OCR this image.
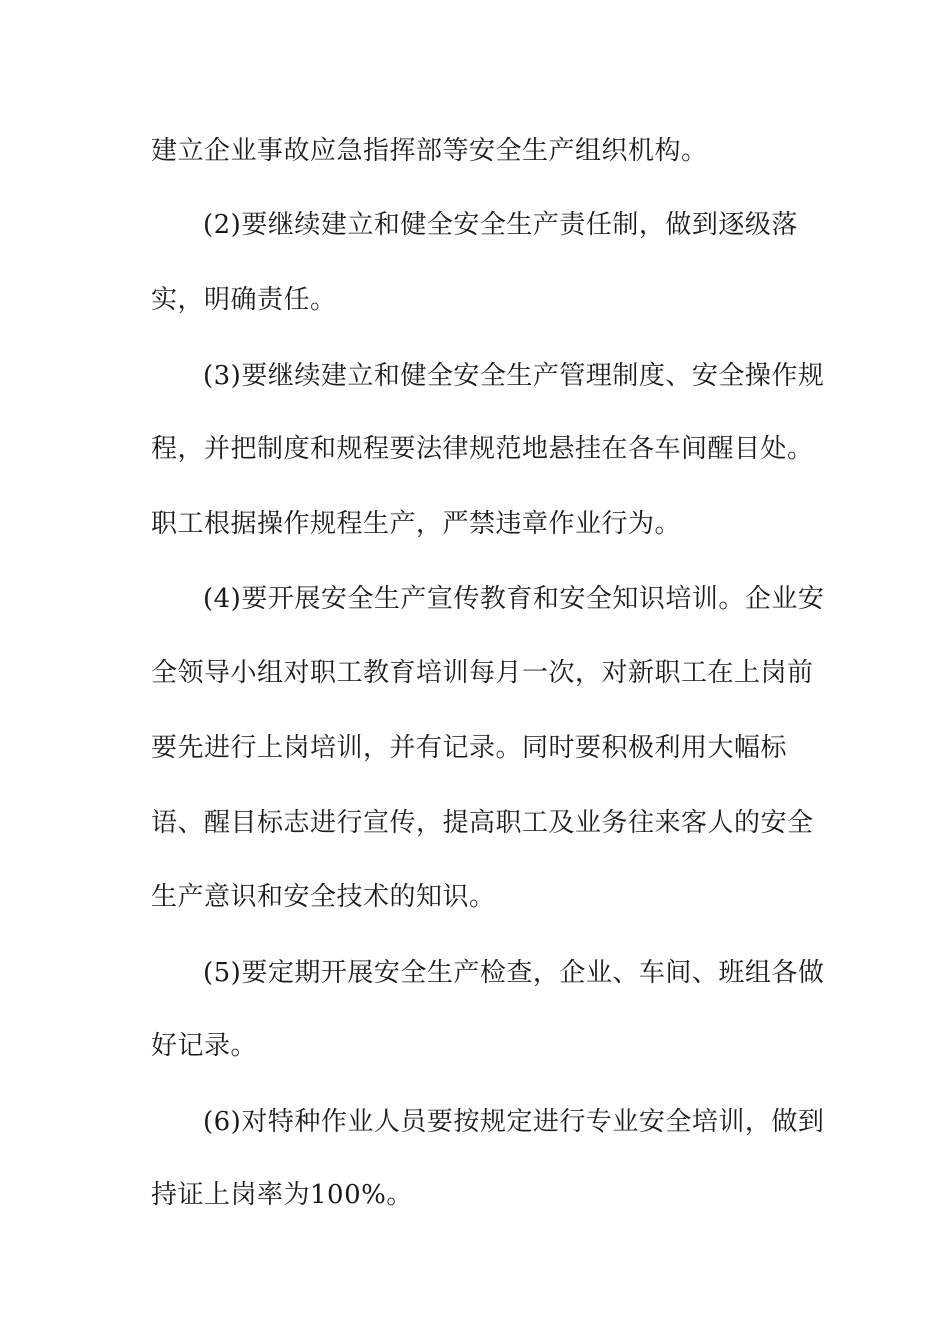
建立企业事故应急指挥部等安全生产组织机构。
(2)要继续建立和健全安全生产责任制，做到逐级落
实，明确责任。
(3)要继续建立和健全安全生产管理制度、安全操作规
程，并把制度和规程要法律规范地悬挂在各车间醒目处。
职工根据操作规程生产，严禁违章作业行为。
(4)要开展安全生产宣传教育和安全知识培训。企业安
全领导小组对职工教育培训每月一次，对新职工在上岗前
要先进行上岗培训，并有记录。同时要积极利用大幅标
语、醒目标志进行宣传，提高职工及业务往来客人的安全
生产意识和安全技术的知识。
(5)要定期开展安全生产检查，企业、车间、班组各做
好记录。
(6)对特种作业人员要按规定进行专业安全培训，做到
持证上岗率为100%。
